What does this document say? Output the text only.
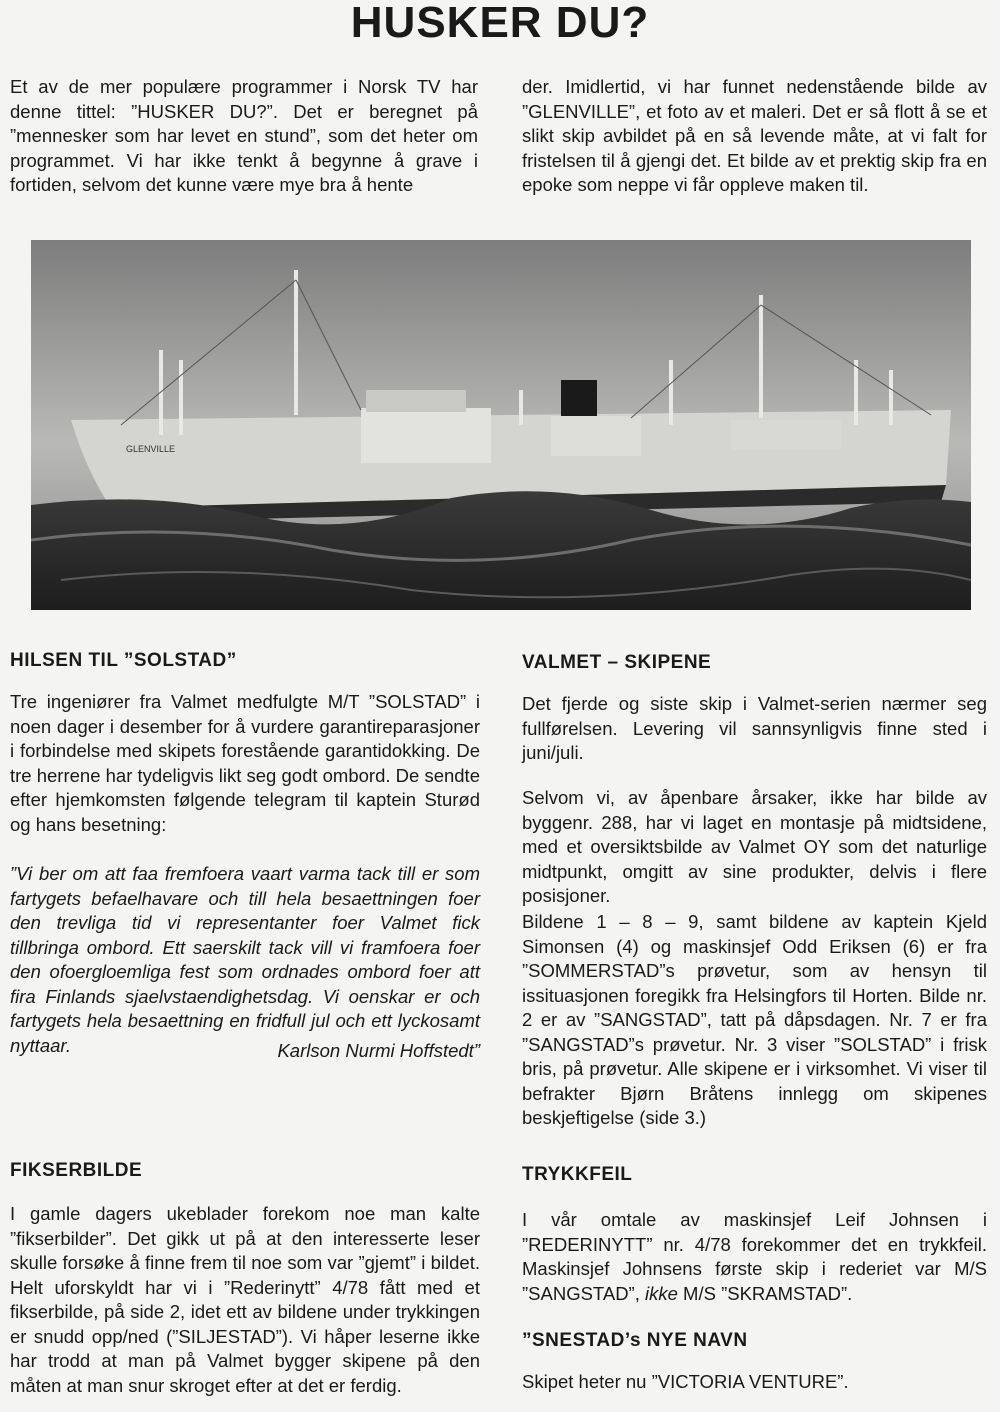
HUSKER DU?

Et av de mer populære programmer i Norsk TV har denne tittel: ”HUSKER DU?”. Det er beregnet på ”mennesker som har levet en stund”, som det heter om programmet. Vi har ikke tenkt å begynne å grave i fortiden, selvom det kunne være mye bra å hente

der. Imidlertid, vi har funnet nedenstående bilde av ”GLENVILLE”, et foto av et maleri. Det er så flott å se et slikt skip avbildet på en så levende måte, at vi falt for fristelsen til å gjengi det. Et bilde av et prektig skip fra en epoke som neppe vi får oppleve maken til.

GLENVILLE
HILSEN TIL ”SOLSTAD”

Tre ingeniører fra Valmet medfulgte M/T ”SOLSTAD” i noen dager i desember for å vurdere garantireparasjoner i forbindelse med skipets forestående garantidokking. De tre herrene har tydeligvis likt seg godt ombord. De sendte efter hjemkomsten følgende telegram til kaptein Sturød og hans besetning:

”Vi ber om att faa fremfoera vaart varma tack till er som fartygets befaelhavare och till hela besaettningen foer den trevliga tid vi representanter foer Valmet fick tillbringa ombord. Ett saerskilt tack vill vi framfoera foer den ofoergloemliga fest som ordnades ombord foer att fira Finlands sjaelvstaendighetsdag. Vi oenskar er och fartygets hela besaettning en fridfull jul och ett lyckosamt nyttaar.	Karlson Nurmi Hoffstedt”
FIKSERBILDE

I gamle dagers ukeblader forekom noe man kalte ”fikserbilder”. Det gikk ut på at den interesserte leser skulle forsøke å finne frem til noe som var ”gjemt” i bildet. Helt uforskyldt har vi i ”Rederinytt” 4/78 fått med et fikserbilde, på side 2, idet ett av bildene under trykkingen er snudd opp/ned (”SILJESTAD”). Vi håper leserne ikke har trodd at man på Valmet bygger skipene på den måten at man snur skroget efter at det er ferdig.

VALMET – SKIPENE

Det fjerde og siste skip i Valmet-serien nærmer seg fullførelsen. Levering vil sannsynligvis finne sted i juni/juli.

Selvom vi, av åpenbare årsaker, ikke har bilde av byggenr. 288, har vi laget en montasje på midtsidene, med et oversiktsbilde av Valmet OY som det naturlige midtpunkt, omgitt av sine produkter, delvis i flere posisjoner.

Bildene 1 – 8 – 9, samt bildene av kaptein Kjeld Simonsen (4) og maskinsjef Odd Eriksen (6) er fra ”SOMMERSTAD”s prøvetur, som av hensyn til issituasjonen foregikk fra Helsingfors til Horten. Bilde nr. 2 er av ”SANGSTAD”, tatt på dåpsdagen. Nr. 7 er fra ”SANGSTAD”s prøvetur. Nr. 3 viser ”SOLSTAD” i frisk bris, på prøvetur. Alle skipene er i virksomhet. Vi viser til befrakter Bjørn Bråtens innlegg om skipenes beskjeftigelse (side 3.)

TRYKKFEIL

I vår omtale av maskinsjef Leif Johnsen i ”REDERINYTT” nr. 4/78 forekommer det en trykkfeil. Maskinsjef Johnsens første skip i rederiet var M/S ”SANGSTAD”, ikke M/S ”SKRAMSTAD”.

”SNESTAD’s NYE NAVN

Skipet heter nu ”VICTORIA VENTURE”.
